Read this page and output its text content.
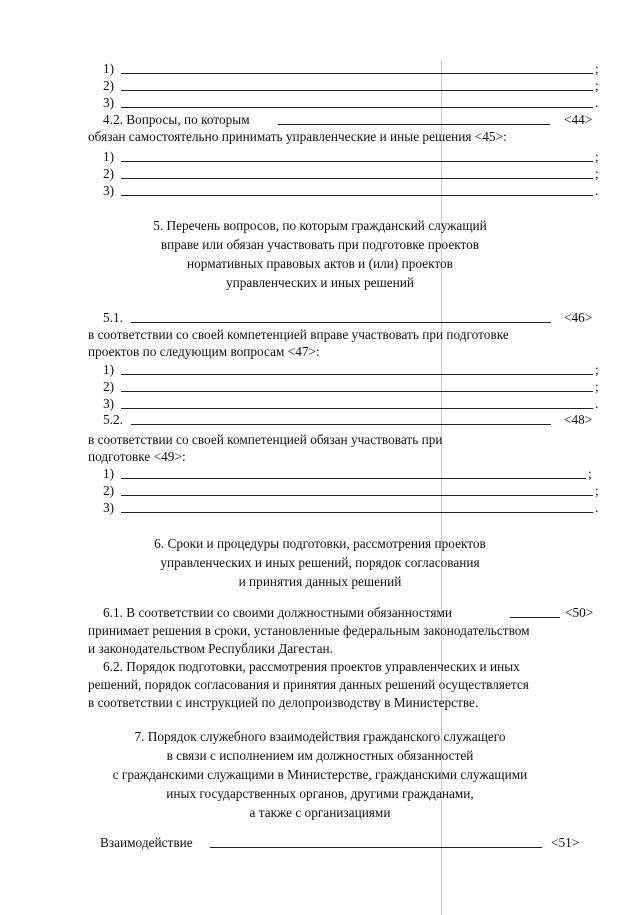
1)	;
2)	;
3)	.
4.2. Вопросы, по которым	<44>
обязан самостоятельно принимать управленческие и иные решения <45>:
1)	;
2)	;
3)	.
5. Перечень вопросов, по которым гражданский служащий
вправе или обязан участвовать при подготовке проектов
нормативных правовых актов и (или) проектов
управленческих и иных решений
5.1.	<46>
в соответствии со своей компетенцией вправе участвовать при подготовке
проектов по следующим вопросам <47>:
1)	;
2)	;
3)	.
5.2.	<48>
в соответствии со своей компетенцией обязан участвовать при
подготовке <49>:
1)	;
2)	;
3)	.
6. Сроки и процедуры подготовки, рассмотрения проектов
управленческих и иных решений, порядок согласования
и принятия данных решений
6.1. В соответствии со своими должностными обязанностями	<50>
принимает решения в сроки, установленные федеральным законодательством
и законодательством Республики Дагестан.
6.2. Порядок подготовки, рассмотрения проектов управленческих и иных
решений, порядок согласования и принятия данных решений осуществляется
в соответствии с инструкцией по делопроизводству в Министерстве.
7. Порядок служебного взаимодействия гражданского служащего
в связи с исполнением им должностных обязанностей
с гражданскими служащими в Министерстве, гражданскими служащими
иных государственных органов, другими гражданами,
а также с организациями
Взаимодействие	<51>
